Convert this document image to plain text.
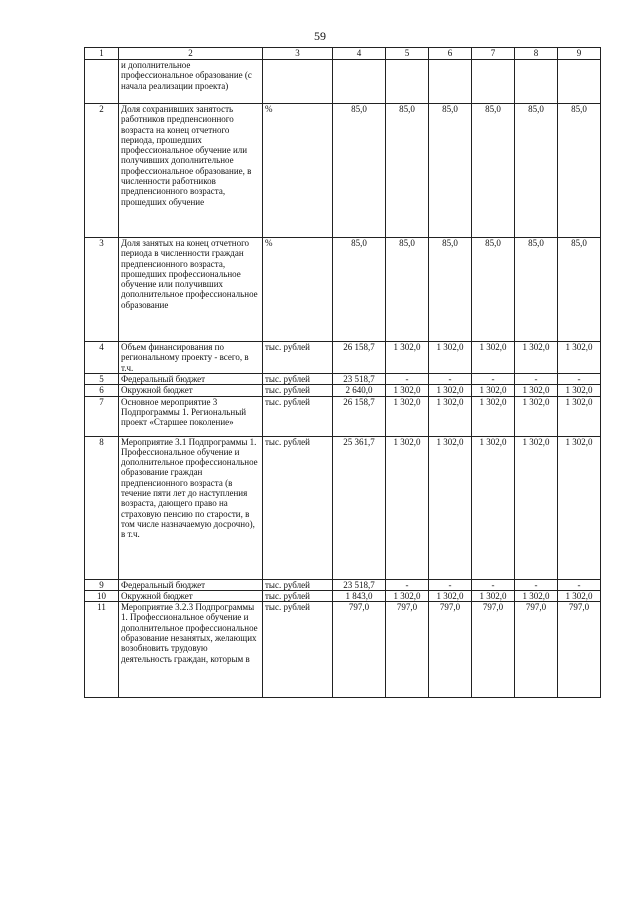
59
1	2	3	4	5	6	7	8	9
	и дополнительное профессиональное образование (с начала реализации проекта)							
2	Доля сохранивших занятость работников предпенсионного возраста на конец отчетного периода, прошедших профессиональное обучение или получивших дополнительное профессиональное образование, в численности работников предпенсионного возраста, прошедших обучение	%	85,0	85,0	85,0	85,0	85,0	85,0
3	Доля занятых на конец отчетного периода в численности граждан предпенсионного возраста, прошедших профессиональное обучение или получивших дополнительное профессиональное образование	%	85,0	85,0	85,0	85,0	85,0	85,0
4	Объем финансирования по региональному проекту - всего, в т.ч.	тыс. рублей	26 158,7	1 302,0	1 302,0	1 302,0	1 302,0	1 302,0
5	Федеральный бюджет	тыс. рублей	23 518,7	-	-	-	-	-
6	Окружной бюджет	тыс. рублей	2 640,0	1 302,0	1 302,0	1 302,0	1 302,0	1 302,0
7	Основное мероприятие 3 Подпрограммы 1. Региональный проект «Старшее поколение»	тыс. рублей	26 158,7	1 302,0	1 302,0	1 302,0	1 302,0	1 302,0
8	Мероприятие 3.1 Подпрограммы 1. Профессиональное обучение и дополнительное профессиональное образование граждан предпенсионного возраста (в течение пяти лет до наступления возраста, дающего право на страховую пенсию по старости, в том числе назначаемую досрочно), в т.ч.	тыс. рублей	25 361,7	1 302,0	1 302,0	1 302,0	1 302,0	1 302,0
9	Федеральный бюджет	тыс. рублей	23 518,7	-	-	-	-	-
10	Окружной бюджет	тыс. рублей	1 843,0	1 302,0	1 302,0	1 302,0	1 302,0	1 302,0
11	Мероприятие 3.2.3 Подпрограммы 1. Профессиональное обучение и дополнительное профессиональное образование незанятых, желающих возобновить трудовую деятельность граждан, которым в	тыс. рублей	797,0	797,0	797,0	797,0	797,0	797,0
